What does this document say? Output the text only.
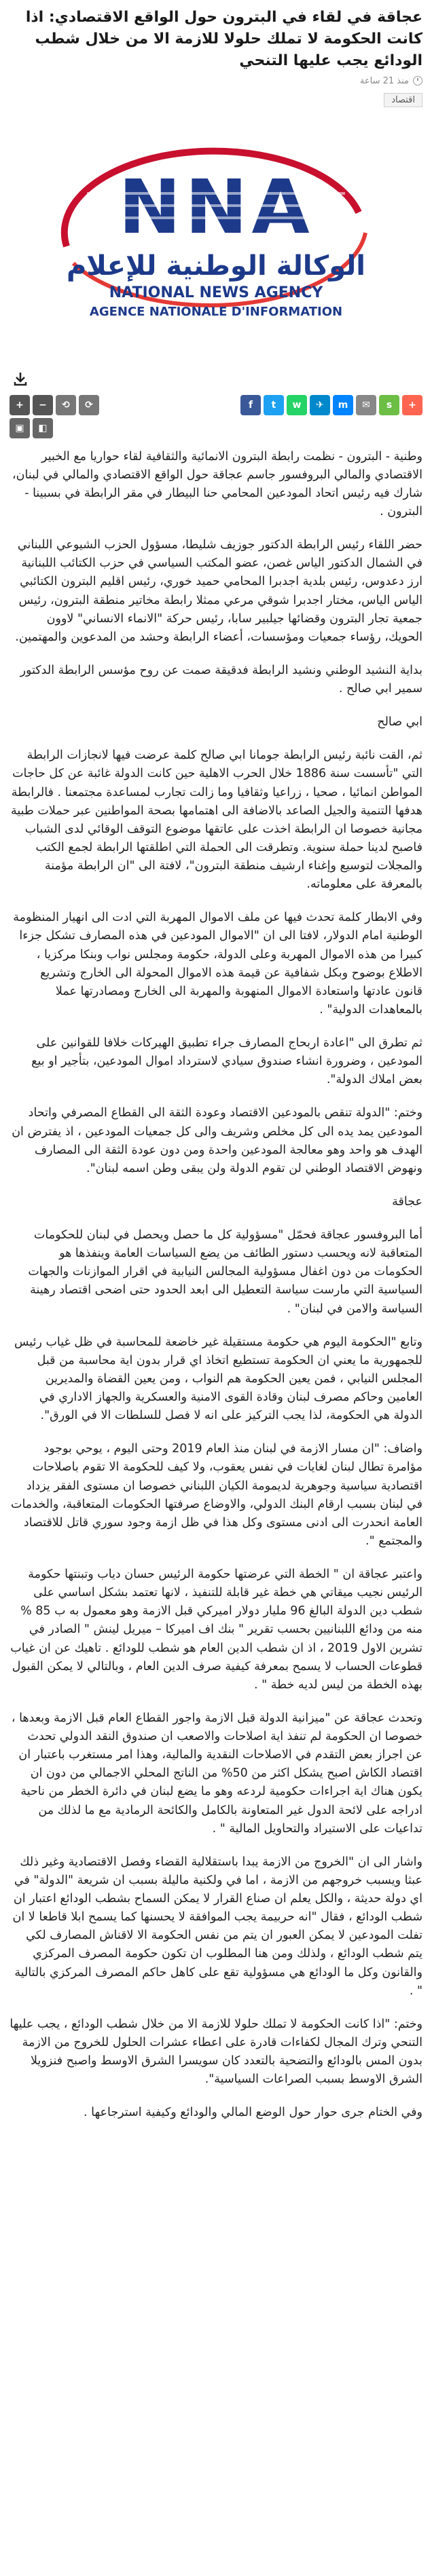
عجاقة في لقاء في البترون حول الواقع الاقتصادي: اذا كانت الحكومة لا تملك حلولا للازمة الا من خلال شطب الودائع يجب عليها التنحي
منذ 21 ساعة
اقتصاد
الوكالة الوطنية للإعلام
NATIONAL NEWS AGENCY
AGENCE NATIONALE D'INFORMATION
+	−	⟲	⟳	f	t	w	✈	m	✉	s	+
▣	◧

وطنية - البترون - نظمت رابطة البترون الانمائية والثقافية لقاء حواريا مع الخبير الاقتصادي والمالي البروفسور جاسم عجاقة حول الواقع الاقتصادي والمالي في لبنان، شارك فيه رئيس اتحاد المودعين المحامي حنا البيطار في مقر الرابطة في بسبينا - البترون .

حضر اللقاء رئيس الرابطة الدكتور جوزيف شليطا، مسؤول الحزب الشيوعي اللبناني في الشمال الدكتور الياس غصن، عضو المكتب السياسي في حزب الكتائب اللبنانية ارز دعدوس، رئيس بلدية اجدبرا المحامي حميد خوري، رئيس اقليم البترون الكتائبي الياس الياس، مختار اجدبرا شوقي مرعي ممثلا رابطة مخاتير منطقة البترون، رئيس جمعية تجار البترون وقضائها جيلبير سابا، رئيس حركة "الانماء الانساني" لاوون الحويك، رؤساء جمعيات ومؤسسات، أعضاء الرابطة وحشد من المدعوين والمهتمين.

بداية النشيد الوطني ونشيد الرابطة فدقيقة صمت عن روح مؤسس الرابطة الدكتور سمير ابي صالح .

ابي صالح

ثم، القت نائبة رئيس الرابطة جومانا ابي صالح كلمة عرضت فيها لانجازات الرابطة التي "تأسست سنة 1886 خلال الحرب الاهلية حين كانت الدولة غائبة عن كل حاجات المواطن انمائيا ، صحيا ، زراعيا وثقافيا وما زالت تجارب لمساعدة مجتمعنا . فالرابطة هدفها التنمية والجيل الصاعد بالاضافة الى اهتمامها بصحة المواطنين عبر حملات طبية مجانية خصوصا ان الرابطة اخذت على عاتقها موضوع التوقف الوقائي لدى الشباب فاصبح لدينا حملة سنوية. وتطرقت الى الحملة التي اطلقتها الرابطة لجمع الكتب والمجلات لتوسيع وإغناء ارشيف منطقة البترون"، لافتة الى "ان الرابطة مؤمنة بالمعرفة على معلوماته.

وفي الابطار كلمة تحدث فيها عن ملف الاموال المهربة التي ادت الى انهيار المنظومة الوطنية امام الدولار، لافتا الى ان "الاموال المودعين في هذه المصارف تشكل جزءا كبيرا من هذه الاموال المهربة وعلى الدولة، حكومة ومجلس نواب وبنكا مركزيا ، الاطلاع بوضوح وبكل شفافية عن قيمة هذه الاموال المحولة الى الخارج وتشريع قانون عادتها واستعادة الاموال المنهوبة والمهربة الى الخارج ومصادرتها عملا بالمعاهدات الدولية" .

ثم تطرق الى "اعادة اربحاج المصارف جراء تطبيق الهيركات خلافا للقوانين على المودعين ، وضرورة انشاء صندوق سيادي لاسترداد اموال المودعين، بتأجير او بيع بعض املاك الدولة".

وختم: "الدولة تنقص بالمودعين الاقتصاد وعودة الثقة الى القطاع المصرفي واتحاد المودعين يمد يده الى كل مخلص وشريف والى كل جمعيات المودعين ، اذ يفترض ان الهدف هو واحد وهو معالجة المودعين واحدة ومن دون عودة الثقة الى المصارف ونهوض الاقتصاد الوطني لن تقوم الدولة ولن يبقى وطن اسمه لبنان".

عجاقة

أما البروفسور عجاقة فحمّل "مسؤولية كل ما حصل ويحصل في لبنان للحكومات المتعاقبة لانه ويحسب دستور الطائف من يضع السياسات العامة وينفذها هو الحكومات من دون اغفال مسؤولية المجالس النيابية في اقرار الموازنات والجهات السياسية التي مارست سياسة التعطيل الى ابعد الحدود حتى اضحى اقتصاد رهينة السياسة والامن في لبنان" .

وتابع "الحكومة اليوم هي حكومة مستقيلة غير خاضعة للمحاسبة في ظل غياب رئيس للجمهورية ما يعني ان الحكومة تستطيع اتخاذ اي قرار بدون اية محاسبة من قبل المجلس النيابي ، فمن يعين الحكومة هم النواب ، ومن يعين القضاة والمديرين العامين وحاكم مصرف لبنان وقادة القوى الامنية والعسكرية والجهاز الاداري في الدولة هي الحكومة، لذا يجب التركيز على انه لا فصل للسلطات الا في الورق".

واضاف: "ان مسار الازمة في لبنان منذ العام 2019 وحتى اليوم ، يوحي بوجود مؤامرة تطال لبنان لغايات في نفس يعقوب، ولا كيف للحكومة الا تقوم باصلاحات اقتصادية سياسية وجوهرية لديمومة الكيان اللبناني خصوصا ان مستوى الفقر يزداد في لبنان بسبب ارقام البنك الدولي، والاوضاع صرفتها الحكومات المتعاقبة، والخدمات العامة انحدرت الى ادنى مستوى وكل هذا في ظل ازمة وجود سوري قاتل للاقتصاد والمجتمع ".

واعتبر عجاقة ان " الخطة التي عرضتها حكومة الرئيس حسان دياب وتبنتها حكومة الرئيس نجيب ميقاتي هي خطة غير قابلة للتنفيذ ، لانها تعتمد بشكل اساسي على شطب دين الدولة البالغ 96 مليار دولار اميركي قبل الازمة وهو معمول به ب 85 % منه من ودائع اللبنانيين بحسب تقرير " بنك اف اميركا – ميريل لينش " الصادر في تشرين الاول 2019 ، اذ ان شطب الدين العام هو شطب للودائع . تاهيك عن ان غياب قطوعات الحساب لا يسمح بمعرفة كيفية صرف الدين العام ، وبالتالي لا يمكن القبول بهذه الخطة من ليس لديه خطة " .

وتحدث عجاقة عن "ميزانية الدولة قبل الازمة واجور القطاع العام قبل الازمة وبعدها ، خصوصا ان الحكومة لم تنفذ اية اصلاحات والاصعب ان صندوق النقد الدولي تحدث عن اجراز بعض التقدم في الاصلاحات النقدية والمالية، وهذا امر مستغرب باعتبار ان اقتصاد الكاش اصبح يشكل اكثر من 50% من الناتج المحلي الاجمالي من دون ان يكون هناك اية اجراءات حكومية لردعه وهو ما يضع لبنان في دائرة الخطر من ناحية ادراجه على لائحة الدول غير المتعاونة بالكامل والكائحة الرمادية مع ما لذلك من تداعيات على الاستيراد والتحاويل المالية " .

واشار الى ان "الخروج من الازمة يبدا باستقلالية القضاء وفصل الاقتصادية وغير ذلك عبثا ويسبب خروجهم من الازمة ، اما في ولكنية ماليلة بسبب ان شريعة "الدولة" في اي دولة حديثة ، والكل يعلم ان صناع القرار لا يمكن السماح بشطب الودائع اعتبار ان شطب الودائع ، فقال "انه حربيمة يجب الموافقة لا يحسنها كما يسمح ابلا قاطعا لا ان تفلت المودعين لا يمكن العبور ان يتم من نفس الحكومة الا لاقناش المصارف لكي يتم شطب الودائع ، ولذلك ومن هنا المطلوب ان تكون حكومة المصرف المركزي والقانون وكل ما الودائع هي مسؤولية تقع على كاهل حاكم المصرف المركزي بالتالية " .

وختم: "اذا كانت الحكومة لا تملك حلولا للازمة الا من خلال شطب الودائع ، يجب عليها التنحي وترك المجال لكفاءات قادرة على اعطاء عشرات الحلول للخروج من الازمة بدون المس بالودائع والتضحية بالتعدد كان سويسرا الشرق الاوسط واصبح فنزويلا الشرق الاوسط بسبب الصراعات السياسية".

وفي الختام جرى حوار حول الوضع المالي والودائع وكيفية استرجاعها .
